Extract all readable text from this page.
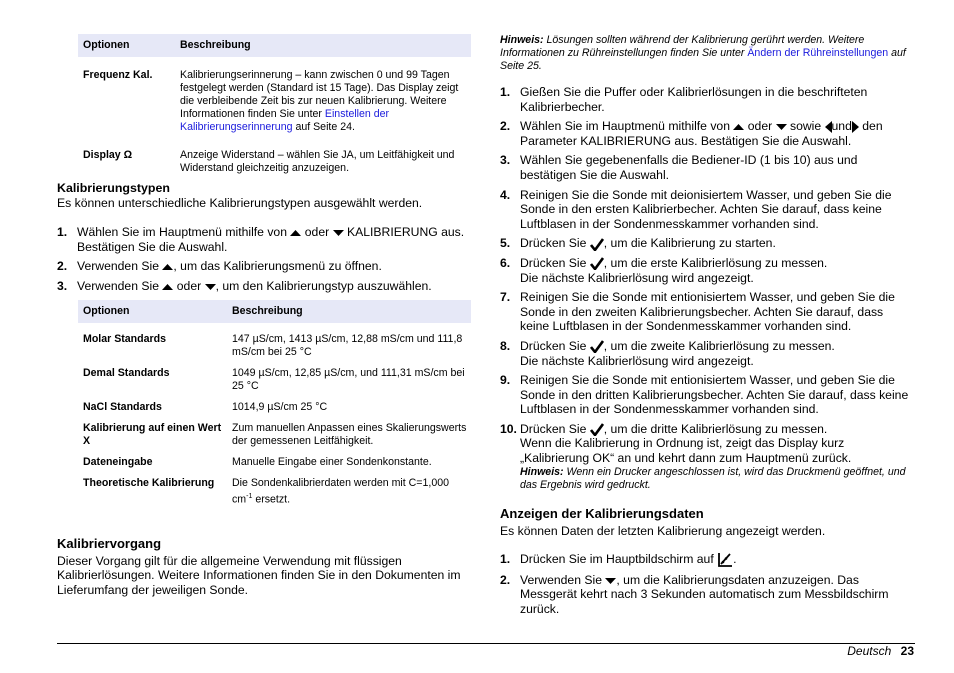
Optionen	Beschreibung
Frequenz Kal.	Kalibrierungserinnerung – kann zwischen 0 und 99 Tagen festgelegt werden (Standard ist 15 Tage). Das Display zeigt die verbleibende Zeit bis zur neuen Kalibrierung. Weitere Informationen finden Sie unter Einstellen der Kalibrierungserinnerung auf Seite 24.
Display Ω	Anzeige Widerstand – wählen Sie JA, um Leitfähigkeit und Widerstand gleichzeitig anzuzeigen.
Kalibrierungstypen
Es können unterschiedliche Kalibrierungstypen ausgewählt werden.
1. Wählen Sie im Hauptmenü mithilfe von oder KALIBRIERUNG aus. Bestätigen Sie die Auswahl.
2. Verwenden Sie , um das Kalibrierungsmenü zu öffnen.
3. Verwenden Sie oder , um den Kalibrierungstyp auszuwählen.
Optionen	Beschreibung
Molar Standards	147 µS/cm, 1413 µS/cm, 12,88 mS/cm und 111,8 mS/cm bei 25 °C
Demal Standards	1049 µS/cm, 12,85 µS/cm, und 111,31 mS/cm bei 25 °C
NaCl Standards	1014,9 µS/cm 25 °C
Kalibrierung auf einen Wert X	Zum manuellen Anpassen eines Skalierungswerts der gemessenen Leitfähigkeit.
Dateneingabe	Manuelle Eingabe einer Sondenkonstante.
Theoretische Kalibrierung	Die Sondenkalibrierdaten werden mit C=1,000 $cm^{-1}$ ersetzt.
Kalibriervorgang
Dieser Vorgang gilt für die allgemeine Verwendung mit flüssigen Kalibrierlösungen. Weitere Informationen finden Sie in den Dokumenten im Lieferumfang der jeweiligen Sonde.
Hinweis: Lösungen sollten während der Kalibrierung gerührt werden. Weitere Informationen zu Rühreinstellungen finden Sie unter Ändern der Rühreinstellungen auf Seite 25.
1. Gießen Sie die Puffer oder Kalibrierlösungen in die beschrifteten Kalibrierbecher.
2. Wählen Sie im Hauptmenü mithilfe von oder sowie und den Parameter KALIBRIERUNG aus. Bestätigen Sie die Auswahl.
3. Wählen Sie gegebenenfalls die Bediener-ID (1 bis 10) aus und bestätigen Sie die Auswahl.
4. Reinigen Sie die Sonde mit deionisiertem Wasser, und geben Sie die Sonde in den ersten Kalibrierbecher. Achten Sie darauf, dass keine Luftblasen in der Sondenmesskammer vorhanden sind.
5. Drücken Sie , um die Kalibrierung zu starten.
6. Drücken Sie , um die erste Kalibrierlösung zu messen.
Die nächste Kalibrierlösung wird angezeigt.
7. Reinigen Sie die Sonde mit entionisiertem Wasser, und geben Sie die Sonde in den zweiten Kalibrierungsbecher. Achten Sie darauf, dass keine Luftblasen in der Sondenmesskammer vorhanden sind.
8. Drücken Sie , um die zweite Kalibrierlösung zu messen.
Die nächste Kalibrierlösung wird angezeigt.
9. Reinigen Sie die Sonde mit entionisiertem Wasser, und geben Sie die Sonde in den dritten Kalibrierungsbecher. Achten Sie darauf, dass keine Luftblasen in der Sondenmesskammer vorhanden sind.
10. Drücken Sie , um die dritte Kalibrierlösung zu messen.
Wenn die Kalibrierung in Ordnung ist, zeigt das Display kurz „Kalibrierung OK“ an und kehrt dann zum Hauptmenü zurück.
Hinweis: Wenn ein Drucker angeschlossen ist, wird das Druckmenü geöffnet, und das Ergebnis wird gedruckt.
Anzeigen der Kalibrierungsdaten
Es können Daten der letzten Kalibrierung angezeigt werden.
1. Drücken Sie im Hauptbildschirm auf .
2. Verwenden Sie , um die Kalibrierungsdaten anzuzeigen. Das Messgerät kehrt nach 3 Sekunden automatisch zum Messbildschirm zurück.
Deutsch 23
